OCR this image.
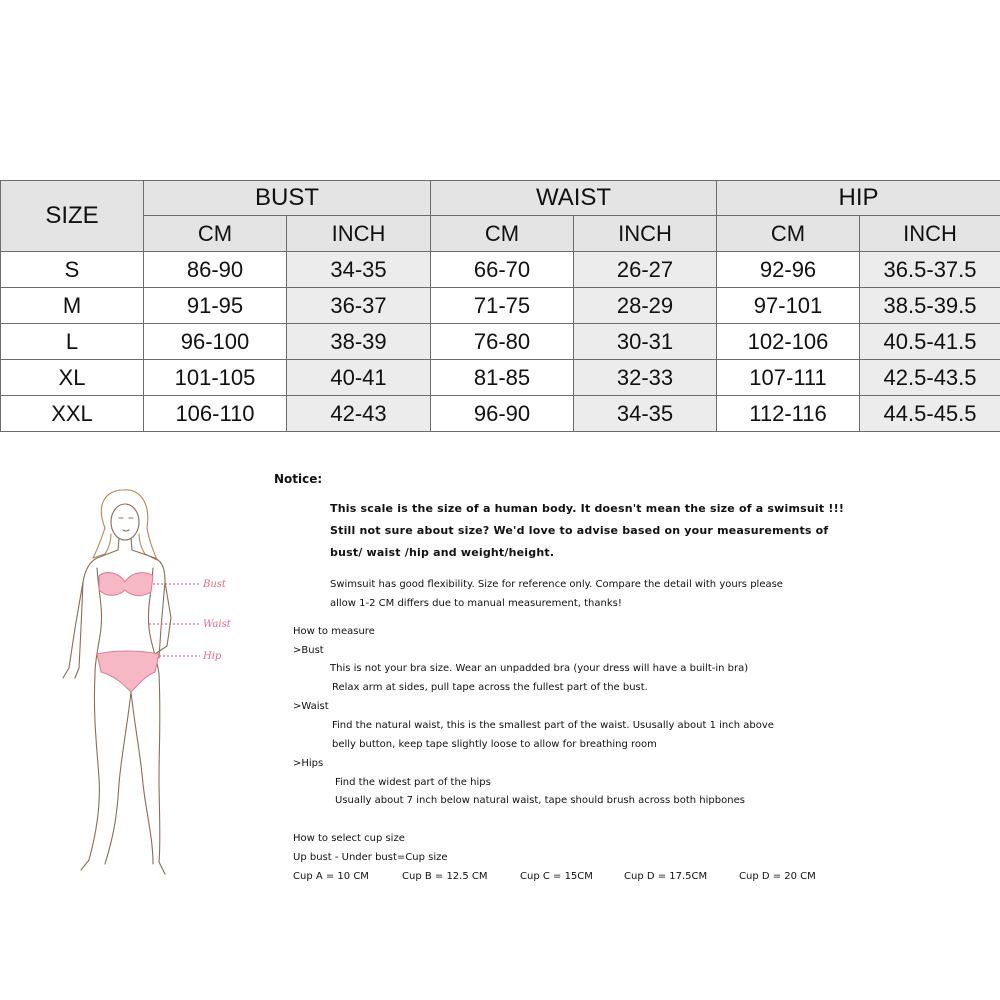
SIZE	BUST		WAIST		HIP	
	CM	INCH	CM	INCH	CM	INCH
S	86-90	34-35	66-70	26-27	92-96	36.5-37.5
M	91-95	36-37	71-75	28-29	97-101	38.5-39.5
L	96-100	38-39	76-80	30-31	102-106	40.5-41.5
XL	101-105	40-41	81-85	32-33	107-111	42.5-43.5
XXL	106-110	42-43	96-90	34-35	112-116	44.5-45.5
Bust
Waist
Hip
Notice:
This scale is the size of a human body. It doesn't mean the size of a swimsuit !!!
Still not sure about size? We'd love to advise based on your measurements of
bust/ waist /hip and weight/height.
Swimsuit has good flexibility. Size for reference only. Compare the detail with yours please
allow 1-2 CM differs due to manual measurement, thanks!
How to measure
>Bust
This is not your bra size. Wear an unpadded bra (your dress will have a built-in bra)
Relax arm at sides, pull tape across the fullest part of the bust.
>Waist
Find the natural waist, this is the smallest part of the waist. Ususally about 1 inch above
belly button, keep tape slightly loose to allow for breathing room
>Hips
Find the widest part of the hips
Usually about 7 inch below natural waist, tape should brush across both hipbones
How to select cup size
Up bust - Under bust=Cup size
Cup A = 10 CM	Cup B = 12.5 CM	Cup C = 15CM	Cup D = 17.5CM	Cup D = 20 CM
